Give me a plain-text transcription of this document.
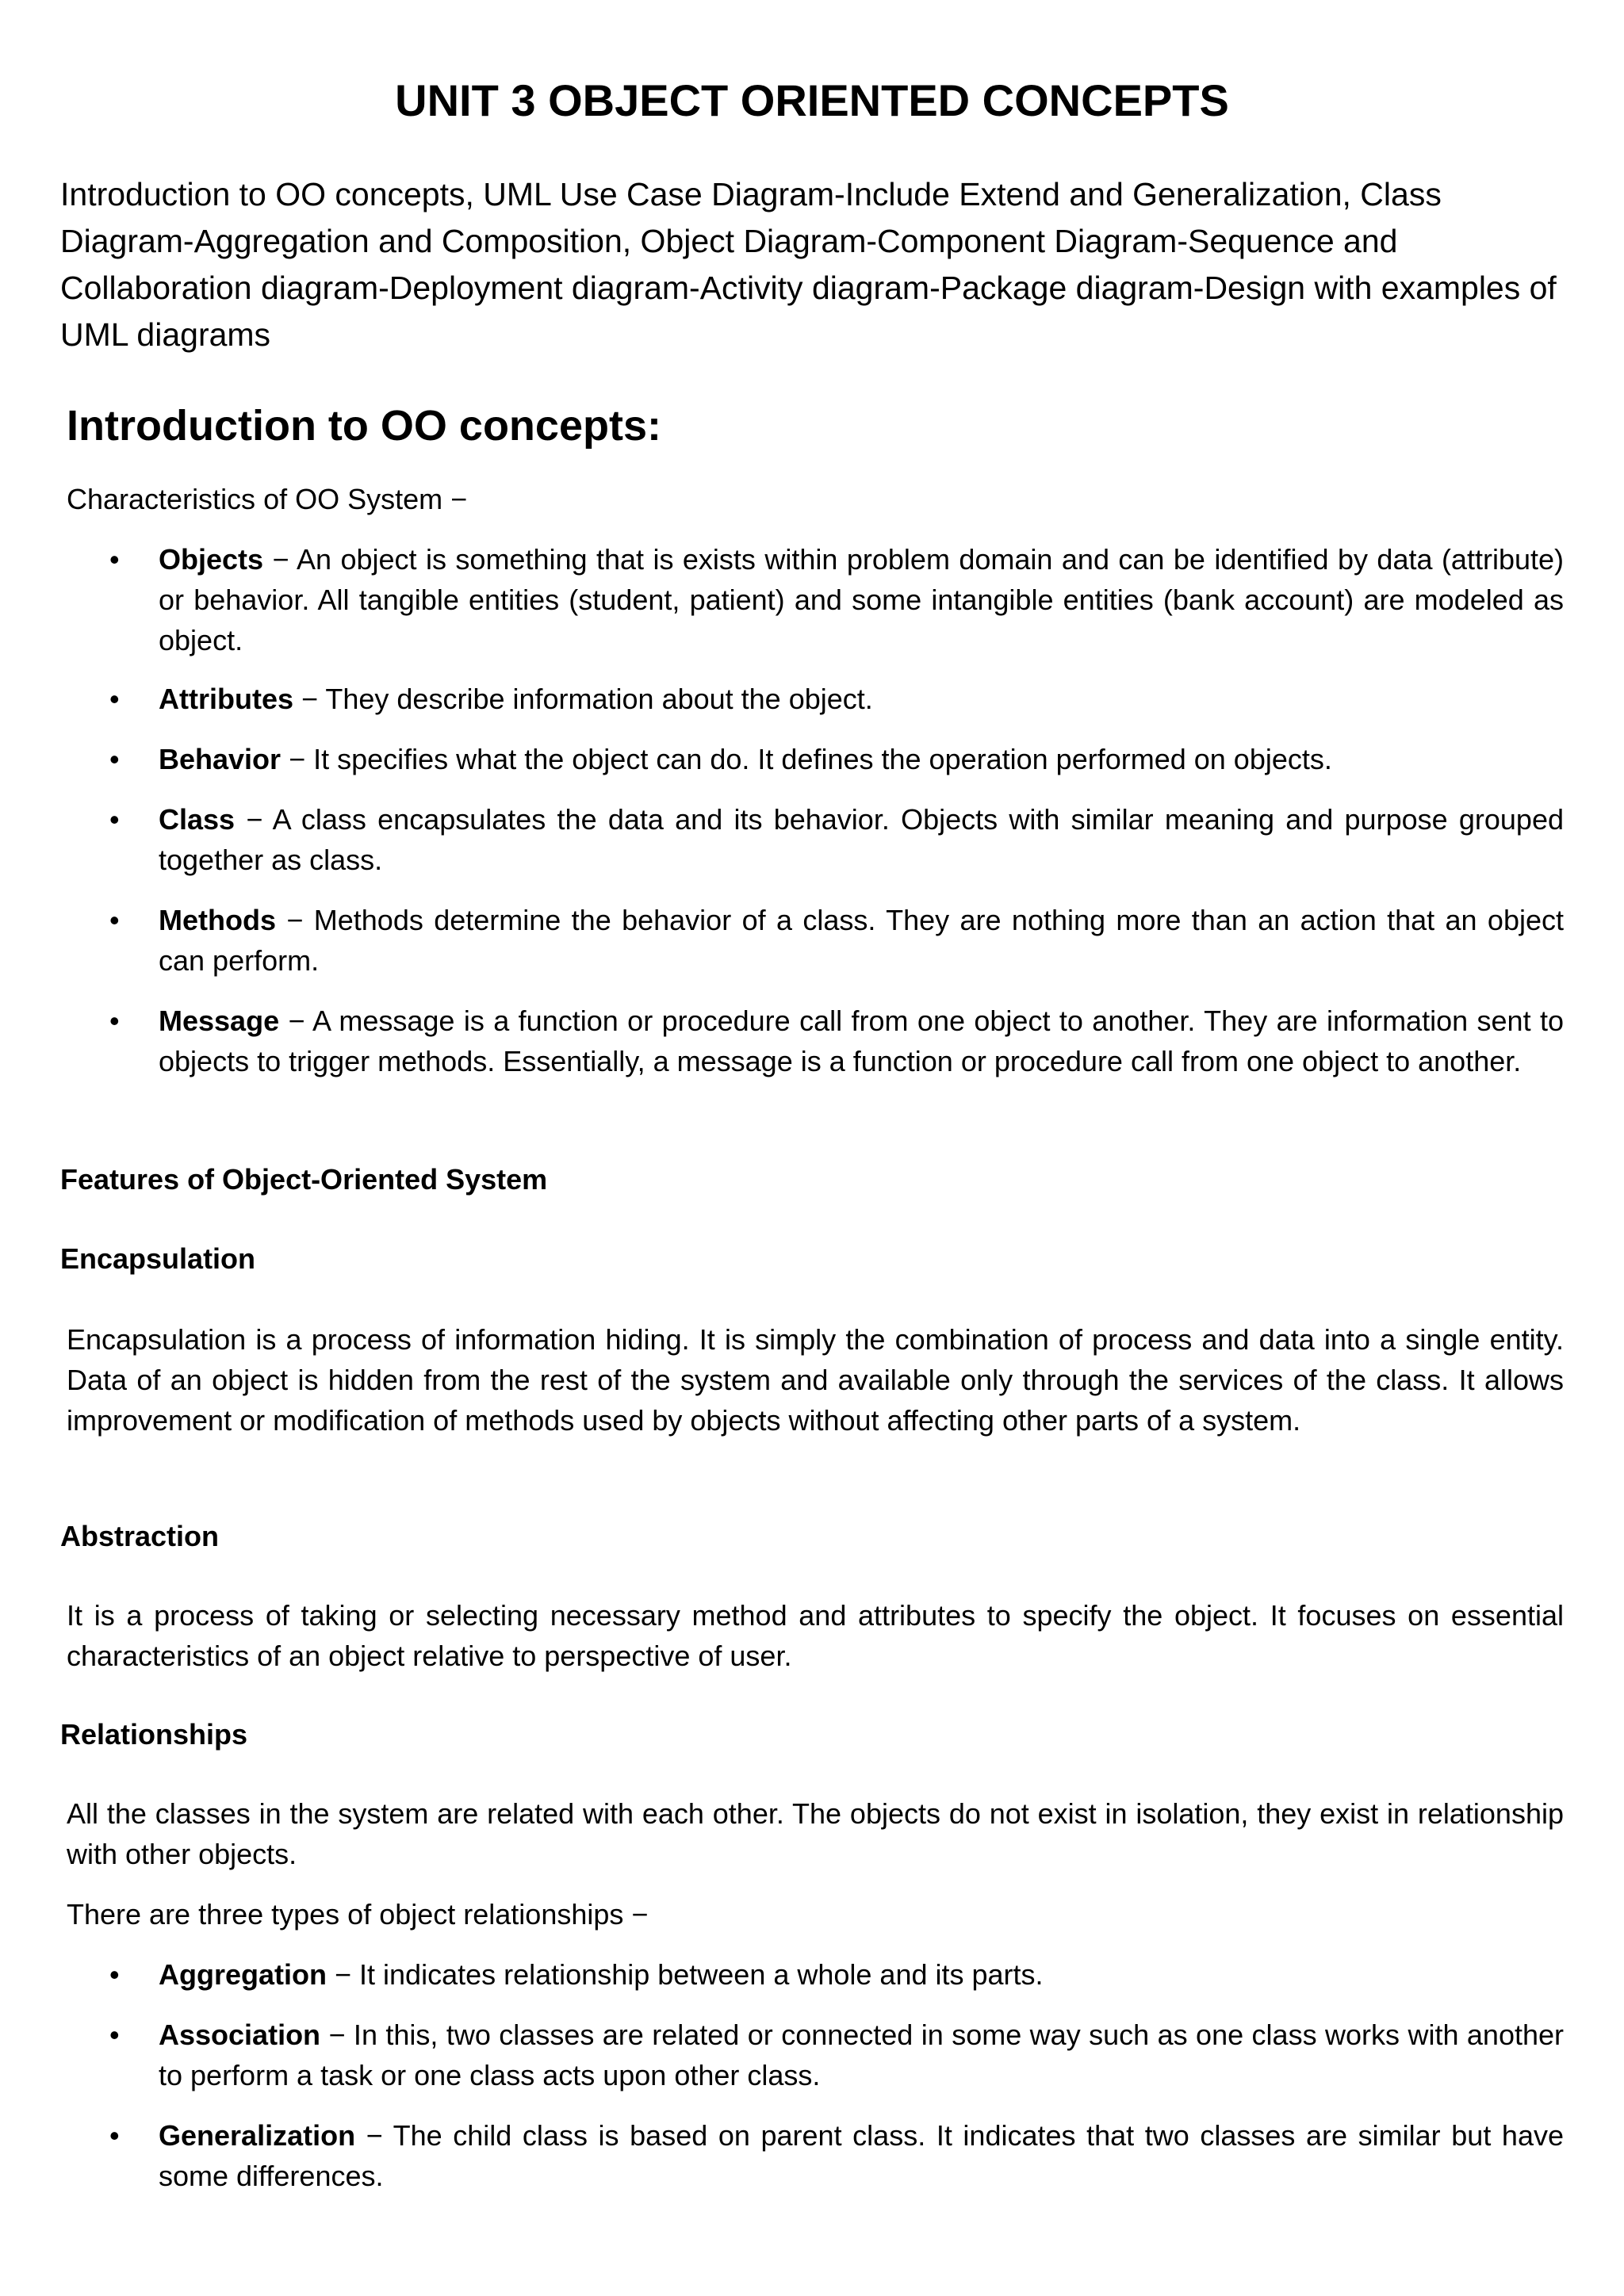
UNIT 3 OBJECT ORIENTED CONCEPTS

Introduction to OO concepts, UML Use Case Diagram-Include Extend and Generalization, Class Diagram-Aggregation and Composition, Object Diagram-Component Diagram-Sequence and Collaboration diagram-Deployment diagram-Activity diagram-Package diagram-Design with examples of UML diagrams

Introduction to OO concepts:

Characteristics of OO System −

• Objects − An object is something that is exists within problem domain and can be identified by data (attribute) or behavior. All tangible entities (student, patient) and some intangible entities (bank account) are modeled as object.

• Attributes − They describe information about the object.

• Behavior − It specifies what the object can do. It defines the operation performed on objects.

• Class − A class encapsulates the data and its behavior. Objects with similar meaning and purpose grouped together as class.

• Methods − Methods determine the behavior of a class. They are nothing more than an action that an object can perform.

• Message − A message is a function or procedure call from one object to another. They are information sent to objects to trigger methods. Essentially, a message is a function or procedure call from one object to another.

Features of Object-Oriented System

Encapsulation

Encapsulation is a process of information hiding. It is simply the combination of process and data into a single entity. Data of an object is hidden from the rest of the system and available only through the services of the class. It allows improvement or modification of methods used by objects without affecting other parts of a system.

Abstraction

It is a process of taking or selecting necessary method and attributes to specify the object. It focuses on essential characteristics of an object relative to perspective of user.

Relationships

All the classes in the system are related with each other. The objects do not exist in isolation, they exist in relationship with other objects.

There are three types of object relationships −

• Aggregation − It indicates relationship between a whole and its parts.

• Association − In this, two classes are related or connected in some way such as one class works with another to perform a task or one class acts upon other class.

• Generalization − The child class is based on parent class. It indicates that two classes are similar but have some differences.
